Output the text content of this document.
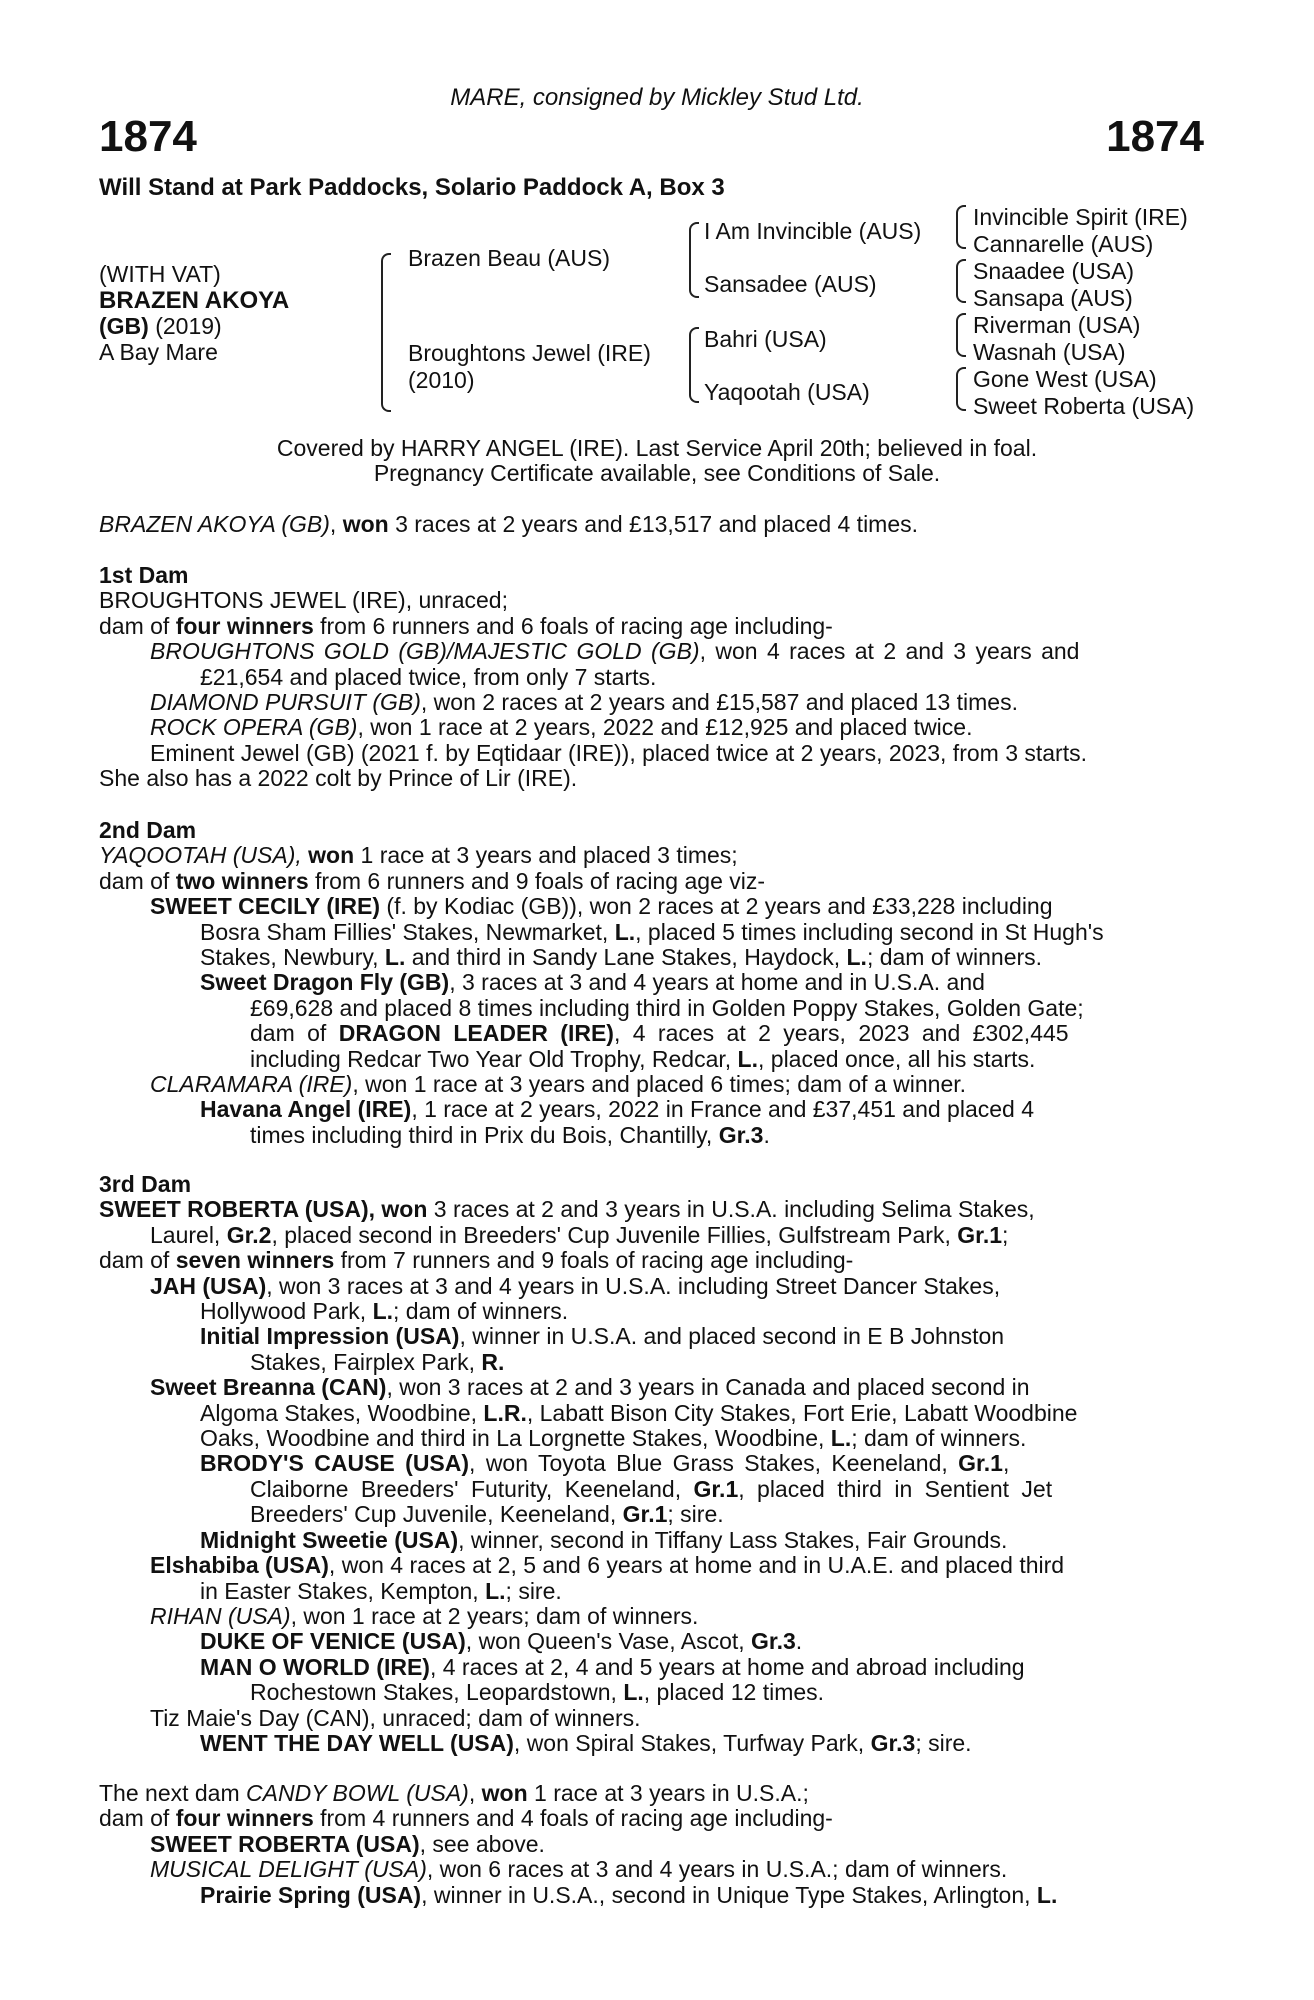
MARE, consigned by Mickley Stud Ltd.
1874	1874
Will Stand at Park Paddocks, Solario Paddock A, Box 3
(WITH VAT)
BRAZEN AKOYA
(GB) (2019)
A Bay Mare
Brazen Beau (AUS)
Broughtons Jewel (IRE)
(2010)
I Am Invincible (AUS)
Sansadee (AUS)
Bahri (USA)
Yaqootah (USA)
Invincible Spirit (IRE)
Cannarelle (AUS)
Snaadee (USA)
Sansapa (AUS)
Riverman (USA)
Wasnah (USA)
Gone West (USA)
Sweet Roberta (USA)
Covered by HARRY ANGEL (IRE). Last Service April 20th; believed in foal.
Pregnancy Certificate available, see Conditions of Sale.
BRAZEN AKOYA (GB), won 3 races at 2 years and £13,517 and placed 4 times.
1st Dam
BROUGHTONS JEWEL (IRE), unraced;
dam of four winners from 6 runners and 6 foals of racing age including-
BROUGHTONS GOLD (GB)/MAJESTIC GOLD (GB), won 4 races at 2 and 3 years and
£21,654 and placed twice, from only 7 starts.
DIAMOND PURSUIT (GB), won 2 races at 2 years and £15,587 and placed 13 times.
ROCK OPERA (GB), won 1 race at 2 years, 2022 and £12,925 and placed twice.
Eminent Jewel (GB) (2021 f. by Eqtidaar (IRE)), placed twice at 2 years, 2023, from 3 starts.
She also has a 2022 colt by Prince of Lir (IRE).
2nd Dam
YAQOOTAH (USA), won 1 race at 3 years and placed 3 times;
dam of two winners from 6 runners and 9 foals of racing age viz-
SWEET CECILY (IRE) (f. by Kodiac (GB)), won 2 races at 2 years and £33,228 including
Bosra Sham Fillies' Stakes, Newmarket, L., placed 5 times including second in St Hugh's
Stakes, Newbury, L. and third in Sandy Lane Stakes, Haydock, L.; dam of winners.
Sweet Dragon Fly (GB), 3 races at 3 and 4 years at home and in U.S.A. and
£69,628 and placed 8 times including third in Golden Poppy Stakes, Golden Gate;
dam of DRAGON LEADER (IRE), 4 races at 2 years, 2023 and £302,445
including Redcar Two Year Old Trophy, Redcar, L., placed once, all his starts.
CLARAMARA (IRE), won 1 race at 3 years and placed 6 times; dam of a winner.
Havana Angel (IRE), 1 race at 2 years, 2022 in France and £37,451 and placed 4
times including third in Prix du Bois, Chantilly, Gr.3.
3rd Dam
SWEET ROBERTA (USA), won 3 races at 2 and 3 years in U.S.A. including Selima Stakes,
Laurel, Gr.2, placed second in Breeders' Cup Juvenile Fillies, Gulfstream Park, Gr.1;
dam of seven winners from 7 runners and 9 foals of racing age including-
JAH (USA), won 3 races at 3 and 4 years in U.S.A. including Street Dancer Stakes,
Hollywood Park, L.; dam of winners.
Initial Impression (USA), winner in U.S.A. and placed second in E B Johnston
Stakes, Fairplex Park, R.
Sweet Breanna (CAN), won 3 races at 2 and 3 years in Canada and placed second in
Algoma Stakes, Woodbine, L.R., Labatt Bison City Stakes, Fort Erie, Labatt Woodbine
Oaks, Woodbine and third in La Lorgnette Stakes, Woodbine, L.; dam of winners.
BRODY'S CAUSE (USA), won Toyota Blue Grass Stakes, Keeneland, Gr.1,
Claiborne Breeders' Futurity, Keeneland, Gr.1, placed third in Sentient Jet
Breeders' Cup Juvenile, Keeneland, Gr.1; sire.
Midnight Sweetie (USA), winner, second in Tiffany Lass Stakes, Fair Grounds.
Elshabiba (USA), won 4 races at 2, 5 and 6 years at home and in U.A.E. and placed third
in Easter Stakes, Kempton, L.; sire.
RIHAN (USA), won 1 race at 2 years; dam of winners.
DUKE OF VENICE (USA), won Queen's Vase, Ascot, Gr.3.
MAN O WORLD (IRE), 4 races at 2, 4 and 5 years at home and abroad including
Rochestown Stakes, Leopardstown, L., placed 12 times.
Tiz Maie's Day (CAN), unraced; dam of winners.
WENT THE DAY WELL (USA), won Spiral Stakes, Turfway Park, Gr.3; sire.
The next dam CANDY BOWL (USA), won 1 race at 3 years in U.S.A.;
dam of four winners from 4 runners and 4 foals of racing age including-
SWEET ROBERTA (USA), see above.
MUSICAL DELIGHT (USA), won 6 races at 3 and 4 years in U.S.A.; dam of winners.
Prairie Spring (USA), winner in U.S.A., second in Unique Type Stakes, Arlington, L.
